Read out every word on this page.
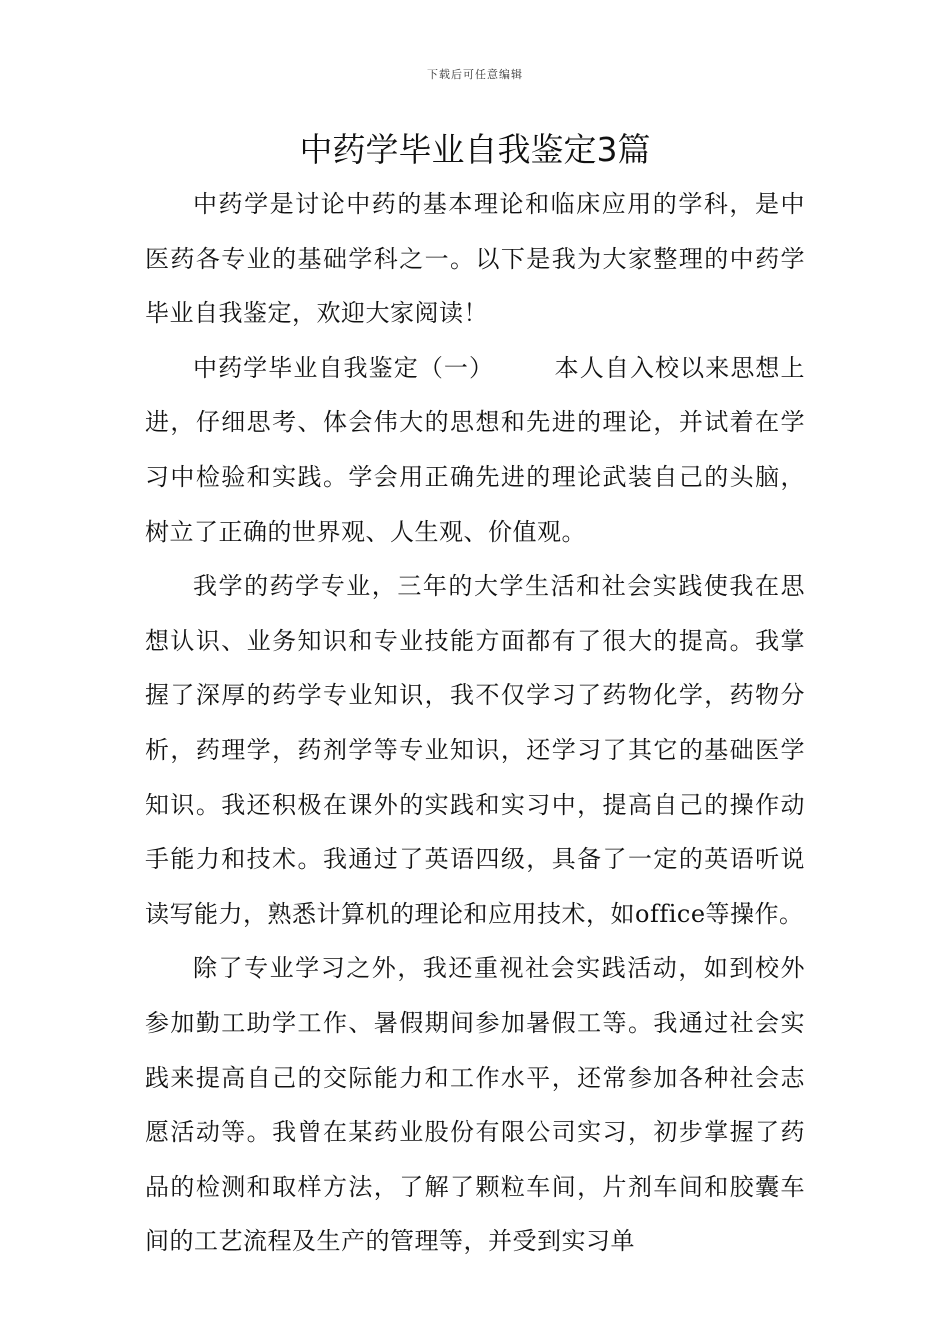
下载后可任意编辑
中药学毕业自我鉴定3篇

中药学是讨论中药的基本理论和临床应用的学科，是中医药各专业的基础学科之一。以下是我为大家整理的中药学毕业自我鉴定，欢迎大家阅读！

中药学毕业自我鉴定（一）	本人自入校以来思想上进，仔细思考、体会伟大的思想和先进的理论，并试着在学习中检验和实践。学会用正确先进的理论武装自己的头脑，树立了正确的世界观、人生观、价值观。

我学的药学专业，三年的大学生活和社会实践使我在思想认识、业务知识和专业技能方面都有了很大的提高。我掌握了深厚的药学专业知识，我不仅学习了药物化学，药物分析，药理学，药剂学等专业知识，还学习了其它的基础医学知识。我还积极在课外的实践和实习中，提高自己的操作动手能力和技术。我通过了英语四级，具备了一定的英语听说读写能力，熟悉计算机的理论和应用技术，如office等操作。

除了专业学习之外，我还重视社会实践活动，如到校外参加勤工助学工作、暑假期间参加暑假工等。我通过社会实践来提高自己的交际能力和工作水平，还常参加各种社会志愿活动等。我曾在某药业股份有限公司实习，初步掌握了药品的检测和取样方法，了解了颗粒车间，片剂车间和胶囊车间的工艺流程及生产的管理等，并受到实习单
